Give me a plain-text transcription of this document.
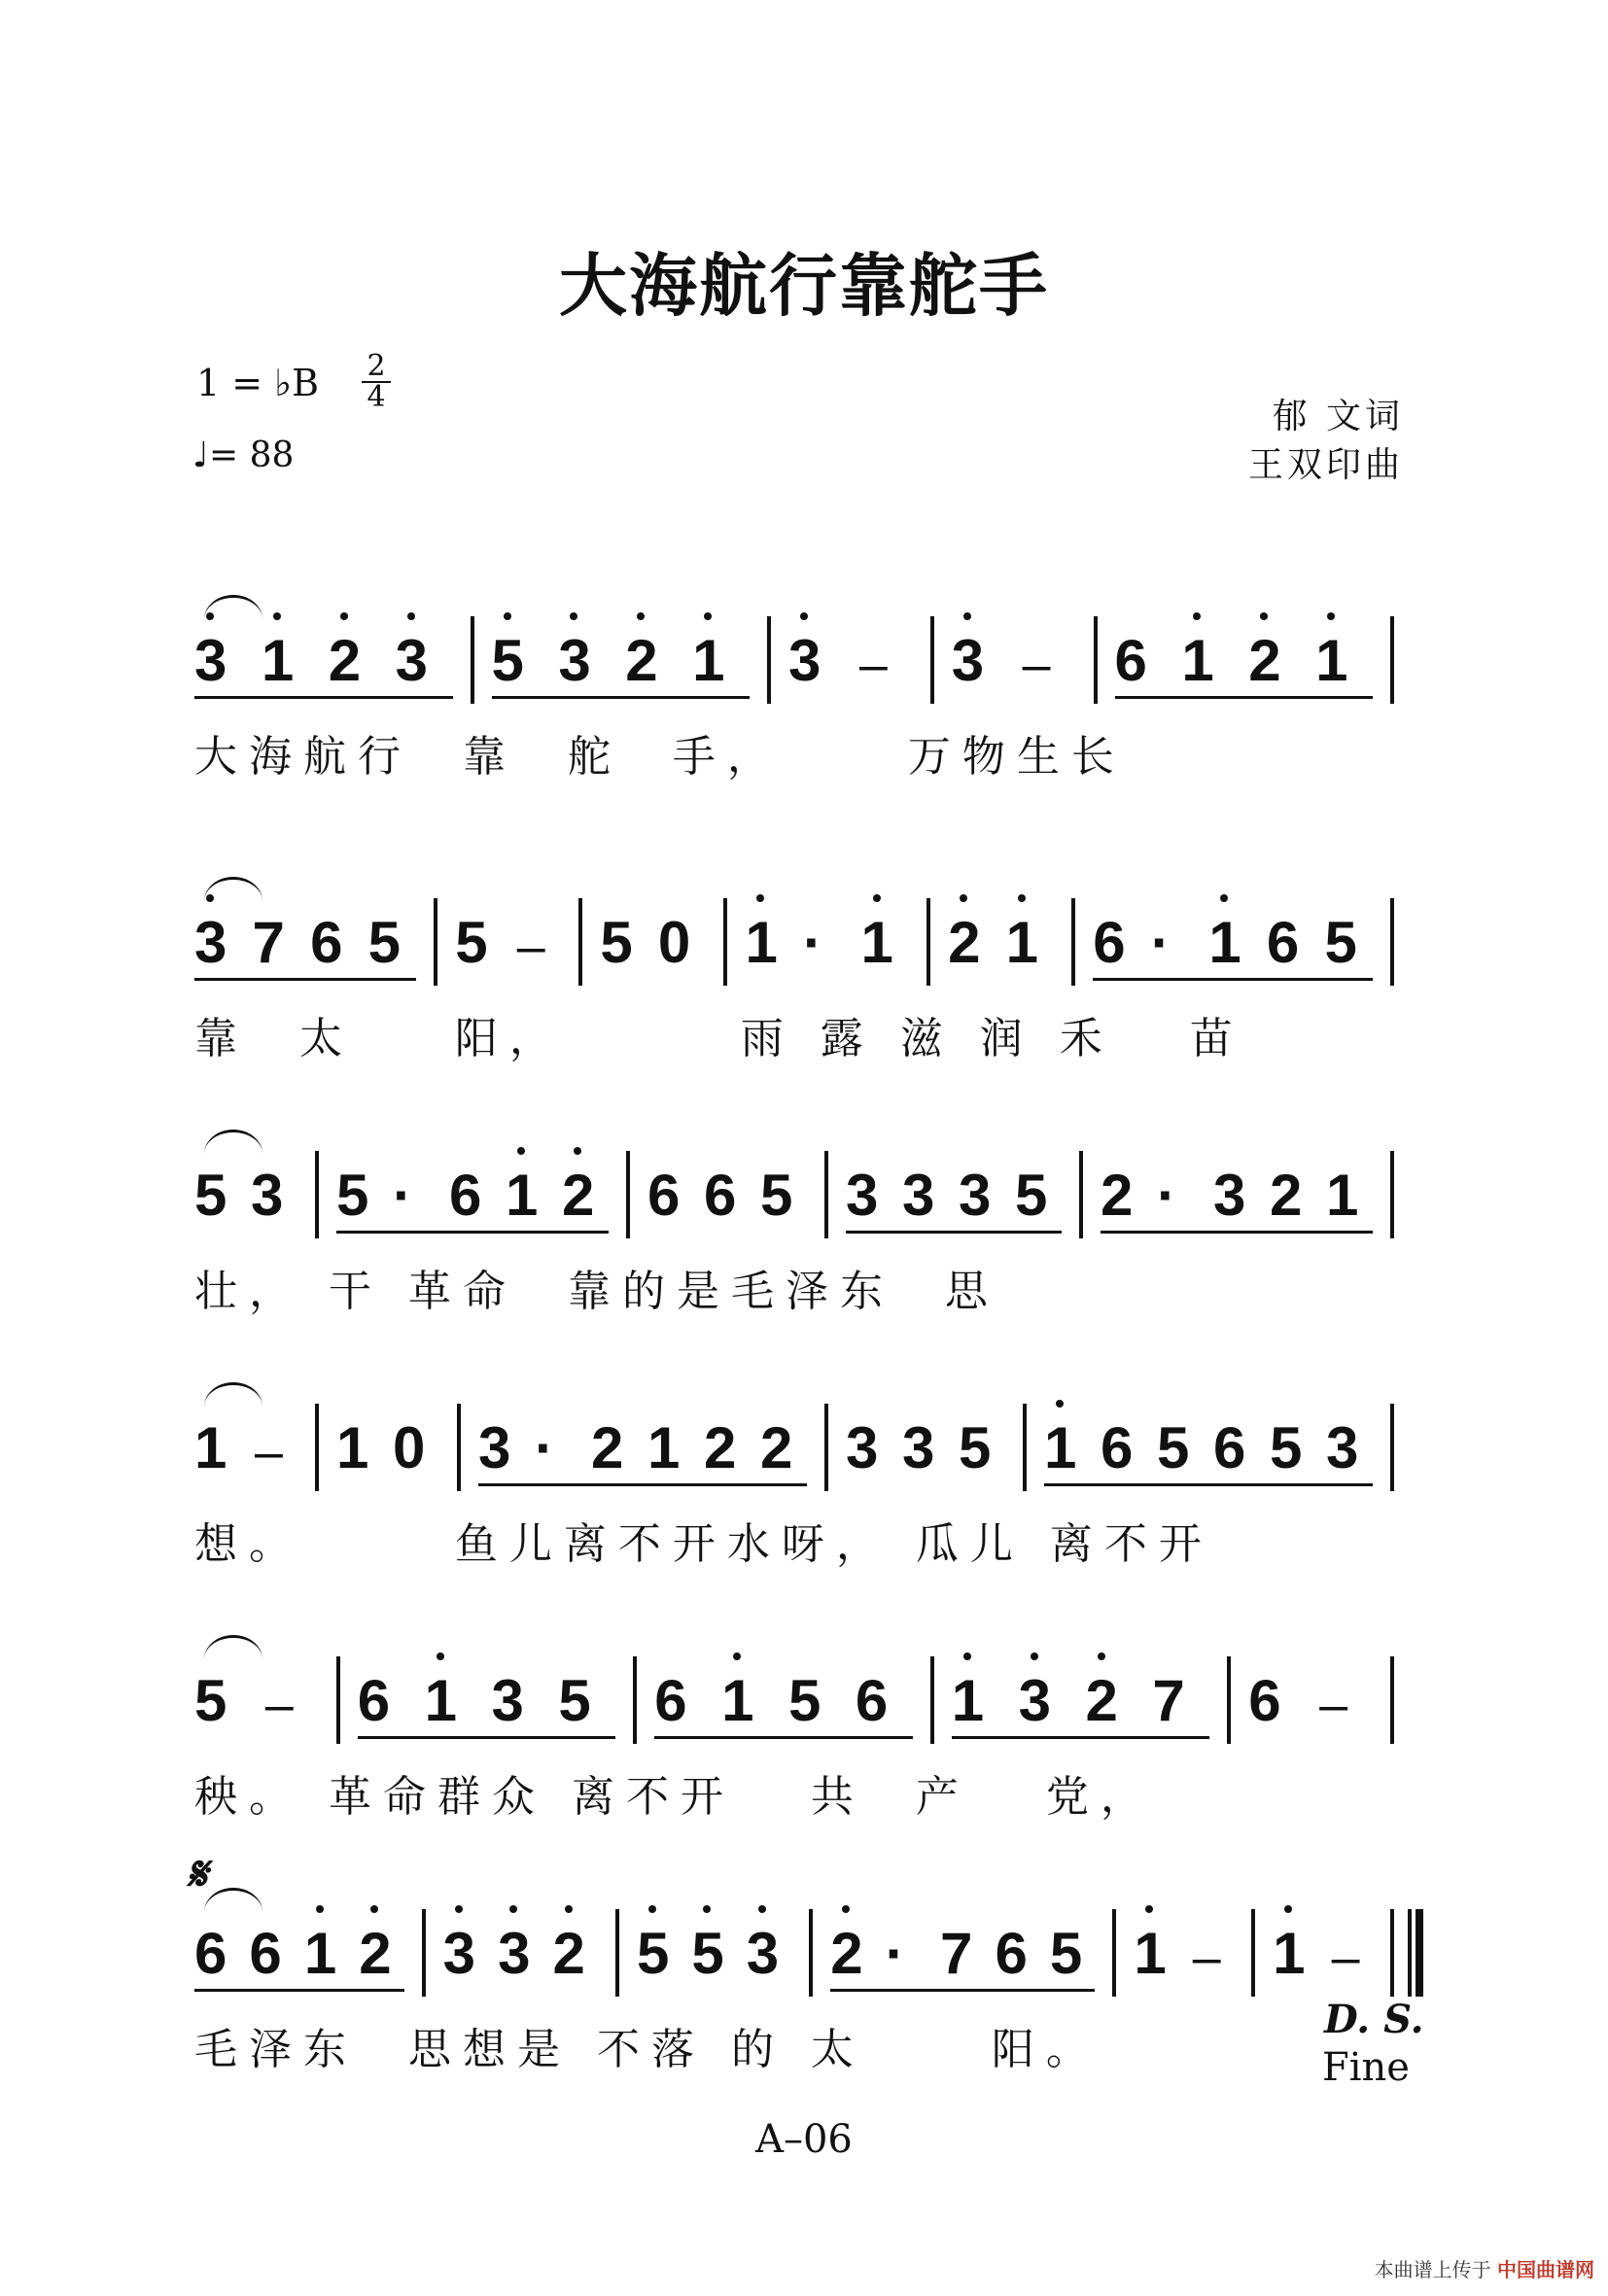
大海航行靠舵手
1 = ♭B 2
4
♩= 88
郁 文词
王双印曲
3 1 2 3 5 3 2 1 3 – 3 – 6 1 2 1
大海航行  靠  舵  手，     万物生长
3 7 6 5 5 – 5 0 1 · 1 2 1 6 · 1 6 5
靠  太    阳，       雨 露 滋 润 禾   苗
5 3 5 · 6 1 2 6 6 5 3 3 3 5 2 · 3 2 1
壮， 干 革命  靠的是毛泽东  思
1 – 1 0 3 · 2 1 2 2 3 3 5 1 6 5 6 5 3
想。      鱼儿离不开水呀， 瓜儿 离不开
5 – 6 1 3 5 6 1 5 6 1 3 2 7 6 –
秧。 革命群众 离不开   共  产   党，
6 6 1 2 3 3 2 5 5 3 2 · 7 6 5 1 – 1 –
毛泽东  思想是 不落 的 太     阳。
𝄋
D. S.
Fine
A–06
本曲谱上传于 中国曲谱网
